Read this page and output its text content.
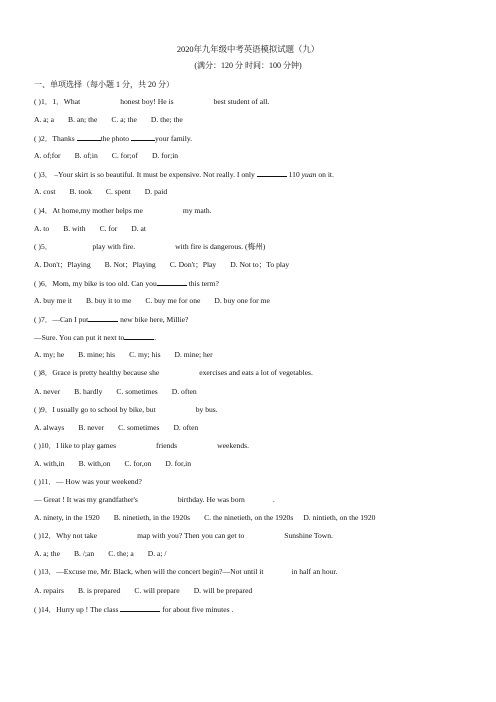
2020年九年级中考英语模拟试题（九）
(满分：120 分 时间：100 分钟)
一、单项选择（每小题 1 分，共 20 分）
( )1．1．What	honest boy! He is	best student of all.
A. a; a B. an; the C. a; the D. the; the
( )2．Thanks	the photo	your family.
A. of;for B. of;in C. for;of D. for;in
( )3． –Your skirt is so beautiful. It must be expensive. Not really. I only	110 yuan on it.
A. cost B. took C. spent D. paid
( )4．At home,my mother helps me	my math.
A. to B. with C. for D. at
( )5．	play with fire.	with fire is dangerous. (梅州)
A. Don't；Playing B. Not；Playing C. Don't；Play D. Not to；To play
( )6．Mom, my bike is too old. Can you	this term?
A. buy me it B. buy it to me C. buy me for one D. buy one for me
( )7．—Can I put	new bike here, Millie?
—Sure. You can put it next to	.
A. my; he B. mine; his C. my; his D. mine; her
( )8．Grace is pretty healthy because she	exercises and eats a lot of vegetables.
A. never B. hardly C. sometimes D. often
( )9．I usually go to school by bike, but	by bus.
A. always B. never C. sometimes D. often
( )10．I like to play games	friends	weekends.
A. with,in B. with,on C. for,on D. for,in
( )11．— How was your weekend?
— Great ! It was my grandfather's	birthday. He was born	.
A. ninety, in the 1920 B. ninetieth, in the 1920s C. the ninetieth, on the 1920s D. nintieth, on the 1920
( )12．Why not take	map with you? Then you can get to	Sunshine Town.
A. a; the B. /;an C. the; a D. a; /
( )13．—Excuse me, Mr. Black, when will the concert begin?—Not until it	in half an hour.
A. repairs B. is prepared C. will prepare D. will be prepared
( )14．Hurry up ! The class	for about five minutes .
